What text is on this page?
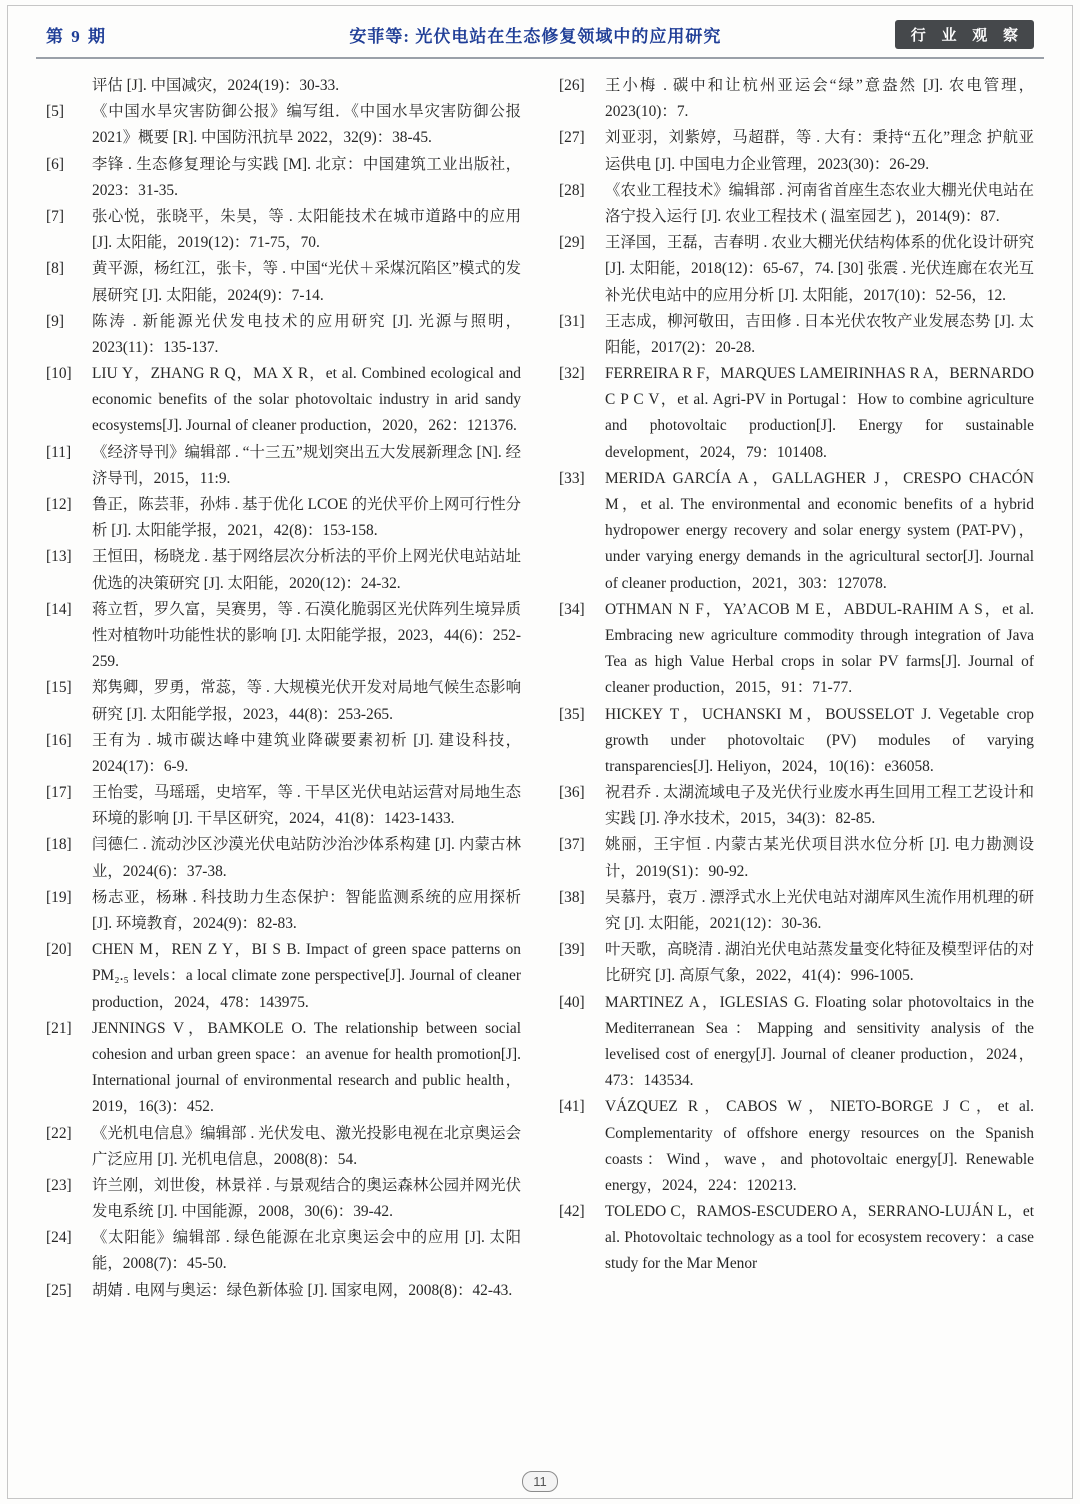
第 9 期	安菲等: 光伏电站在生态修复领域中的应用研究	行 业 观 察
评估 [J]. 中国减灾，2024(19)：30-33.
[5]	《中国水旱灾害防御公报》编写组．《中国水旱灾害防御公报 2021》概要 [R]. 中国防汛抗旱 2022，32(9)：38-45.
[6]	李锋 . 生态修复理论与实践 [M]. 北京：中国建筑工业出版社，2023：31-35.
[7]	张心悦，张晓平，朱昊，等 . 太阳能技术在城市道路中的应用 [J]. 太阳能，2019(12)：71-75，70.
[8]	黄平源，杨红江，张卡，等 . 中国“光伏＋采煤沉陷区”模式的发展研究 [J]. 太阳能，2024(9)：7-14.
[9]	陈涛 . 新能源光伏发电技术的应用研究 [J]. 光源与照明，2023(11)：135-137.
[10]	LIU Y，ZHANG R Q，MA X R，et al. Combined ecological and economic benefits of the solar photovoltaic industry in arid sandy ecosystems[J]. Journal of cleaner production，2020，262：121376.
[11]	《经济导刊》编辑部 . “十三五”规划突出五大发展新理念 [N]. 经济导刊，2015，11:9.
[12]	鲁正，陈芸菲，孙炜 . 基于优化 LCOE 的光伏平价上网可行性分析 [J]. 太阳能学报，2021，42(8)：153-158.
[13]	王恒田，杨晓龙 . 基于网络层次分析法的平价上网光伏电站站址优选的决策研究 [J]. 太阳能，2020(12)：24-32.
[14]	蒋立哲，罗久富，吴赛男，等 . 石漠化脆弱区光伏阵列生境异质性对植物叶功能性状的影响 [J]. 太阳能学报，2023，44(6)：252-259.
[15]	郑隽卿，罗勇，常蕊，等 . 大规模光伏开发对局地气候生态影响研究 [J]. 太阳能学报，2023，44(8)：253-265.
[16]	王有为 . 城市碳达峰中建筑业降碳要素初析 [J]. 建设科技，2024(17)：6-9.
[17]	王怡雯，马瑶瑶，史培军，等 . 干旱区光伏电站运营对局地生态环境的影响 [J]. 干旱区研究，2024，41(8)：1423-1433.
[18]	闫德仁 . 流动沙区沙漠光伏电站防沙治沙体系构建 [J]. 内蒙古林业，2024(6)：37-38.
[19]	杨志亚，杨琳 . 科技助力生态保护：智能监测系统的应用探析 [J]. 环境教育，2024(9)：82-83.
[20]	CHEN M，REN Z Y，BI S B. Impact of green space patterns on PM₂.₅ levels：a local climate zone perspective[J]. Journal of cleaner production，2024，478：143975.
[21]	JENNINGS V，BAMKOLE O. The relationship between social cohesion and urban green space：an avenue for health promotion[J]. International journal of environmental research and public health，2019，16(3)：452.
[22]	《光机电信息》编辑部 . 光伏发电、激光投影电视在北京奥运会广泛应用 [J]. 光机电信息，2008(8)：54.
[23]	许兰刚，刘世俊，林景祥 . 与景观结合的奥运森林公园并网光伏发电系统 [J]. 中国能源，2008，30(6)：39-42.
[24]	《太阳能》编辑部 . 绿色能源在北京奥运会中的应用 [J]. 太阳能，2008(7)：45-50.
[25]	胡婧 . 电网与奥运：绿色新体验 [J]. 国家电网，2008(8)：42-43.
[26]	王小梅 . 碳中和让杭州亚运会“绿”意盎然 [J]. 农电管理，2023(10)：7.
[27]	刘亚羽，刘紫婷，马超群，等 . 大有：秉持“五化”理念 护航亚运供电 [J]. 中国电力企业管理，2023(30)：26-29.
[28]	《农业工程技术》编辑部 . 河南省首座生态农业大棚光伏电站在洛宁投入运行 [J]. 农业工程技术 ( 温室园艺 )，2014(9)：87.
[29]	王泽国，王磊，吉春明 . 农业大棚光伏结构体系的优化设计研究 [J]. 太阳能，2018(12)：65-67，74. [30] 张震 . 光伏连廊在农光互补光伏电站中的应用分析 [J]. 太阳能，2017(10)：52-56，12.
[31]	王志成，柳河敬田，吉田修 . 日本光伏农牧产业发展态势 [J]. 太阳能，2017(2)：20-28.
[32]	FERREIRA R F，MARQUES LAMEIRINHAS R A，BERNARDO C P C V，et al. Agri-PV in Portugal：How to combine agriculture and photovoltaic production[J]. Energy for sustainable development，2024，79：101408.
[33]	MERIDA GARCÍA A，GALLAGHER J，CRESPO CHACÓN M，et al. The environmental and economic benefits of a hybrid hydropower energy recovery and solar energy system (PAT-PV)，under varying energy demands in the agricultural sector[J]. Journal of cleaner production，2021，303：127078.
[34]	OTHMAN N F，YA’ACOB M E，ABDUL-RAHIM A S，et al. Embracing new agriculture commodity through integration of Java Tea as high Value Herbal crops in solar PV farms[J]. Journal of cleaner production，2015，91：71-77.
[35]	HICKEY T，UCHANSKI M，BOUSSELOT J. Vegetable crop growth under photovoltaic (PV) modules of varying transparencies[J]. Heliyon，2024，10(16)：e36058.
[36]	祝君乔 . 太湖流域电子及光伏行业废水再生回用工程工艺设计和实践 [J]. 净水技术，2015，34(3)：82-85.
[37]	姚丽，王宇恒 . 内蒙古某光伏项目洪水位分析 [J]. 电力勘测设计，2019(S1)：90-92.
[38]	吴慕丹，袁万 . 漂浮式水上光伏电站对湖库风生流作用机理的研究 [J]. 太阳能，2021(12)：30-36.
[39]	叶天歌，高晓清 . 湖泊光伏电站蒸发量变化特征及模型评估的对比研究 [J]. 高原气象，2022，41(4)：996-1005.
[40]	MARTINEZ A，IGLESIAS G. Floating solar photovoltaics in the Mediterranean Sea：Mapping and sensitivity analysis of the levelised cost of energy[J]. Journal of cleaner production，2024，473：143534.
[41]	VÁZQUEZ R，CABOS W，NIETO-BORGE J C，et al. Complementarity of offshore energy resources on the Spanish coasts：Wind，wave，and photovoltaic energy[J]. Renewable energy，2024，224：120213.
[42]	TOLEDO C，RAMOS-ESCUDERO A，SERRANO-LUJÁN L，et al. Photovoltaic technology as a tool for ecosystem recovery：a case study for the Mar Menor
11
